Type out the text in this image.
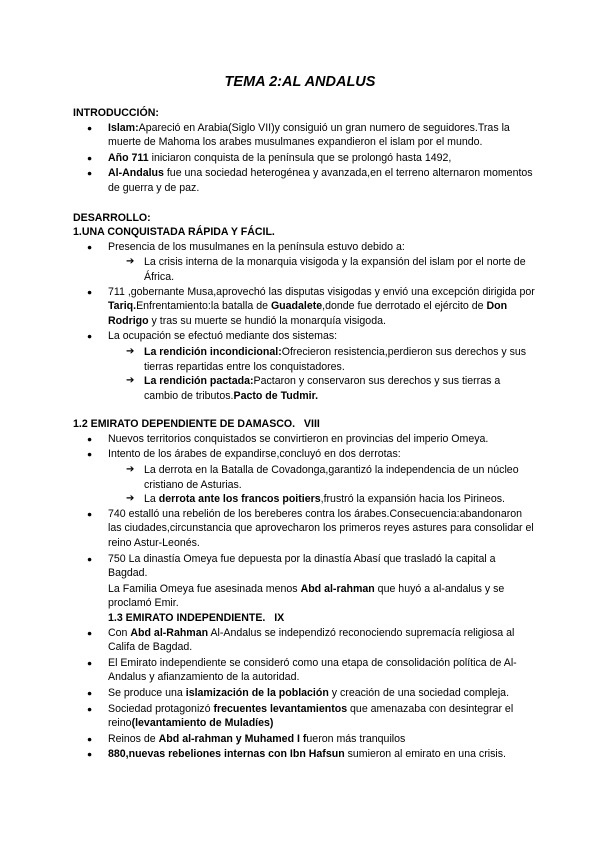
TEMA 2:AL ANDALUS

INTRODUCCIÓN:

● Islam:Apareció en Arabia(Siglo VII)y consiguió un gran numero de seguidores.Tras la muerte de Mahoma los arabes musulmanes expandieron el islam por el mundo.
● Año 711 iniciaron conquista de la península que se prolongó hasta 1492,
● Al-Andalus fue una sociedad heterogénea y avanzada,en el terreno alternaron momentos de guerra y de paz.

DESARROLLO:

1.UNA CONQUISTADA RÁPIDA Y FÁCIL.

● Presencia de los musulmanes en la península estuvo debido a:
➔ La crisis interna de la monarquia visigoda y la expansión del islam por el norte de África.
● 711 ,gobernante Musa,aprovechó las disputas visigodas y envió una excepción dirigida por Tariq.Enfrentamiento:la batalla de Guadalete,donde fue derrotado el ejército de Don Rodrigo y tras su muerte se hundió la monarquía visigoda.
● La ocupación se efectuó mediante dos sistemas:
➔ La rendición incondicional:Ofrecieron resistencia,perdieron sus derechos y sus tierras repartidas entre los conquistadores.
➔ La rendición pactada:Pactaron y conservaron sus derechos y sus tierras a cambio de tributos.Pacto de Tudmir.

1.2 EMIRATO DEPENDIENTE DE DAMASCO.   VIII

● Nuevos territorios conquistados se convirtieron en provincias del imperio Omeya.
● Intento de los árabes de expandirse,concluyó en dos derrotas:
➔ La derrota en la Batalla de Covadonga,garantizó la independencia de un núcleo cristiano de Asturias.
➔ La derrota ante los francos poitiers,frustró la expansión hacia los Pirineos.
● 740 estalló una rebelión de los bereberes contra los árabes.Consecuencia:abandonaron las ciudades,circunstancia que aprovecharon los primeros reyes astures para consolidar el reino Astur-Leonés.
● 750 La dinastía Omeya fue depuesta por la dinastía Abasí que trasladó la capital a Bagdad.
La Familia Omeya fue asesinada menos Abd al-rahman que huyó a al-andalus y se proclamó Emir.
1.3 EMIRATO INDEPENDIENTE.   IX
● Con Abd al-Rahman Al-Andalus se independizó reconociendo supremacía religiosa al Califa de Bagdad.
● El Emirato independiente se consideró como una etapa de consolidación política de Al-Andalus y afianzamiento de la autoridad.
● Se produce una islamización de la población y creación de una sociedad compleja.
● Sociedad protagonizó frecuentes levantamientos que amenazaba con desintegrar el reino(levantamiento de Muladíes)
● Reinos de Abd al-rahman y Muhamed I fueron más tranquilos
● 880,nuevas rebeliones internas con Ibn Hafsun sumieron al emirato en una crisis.
